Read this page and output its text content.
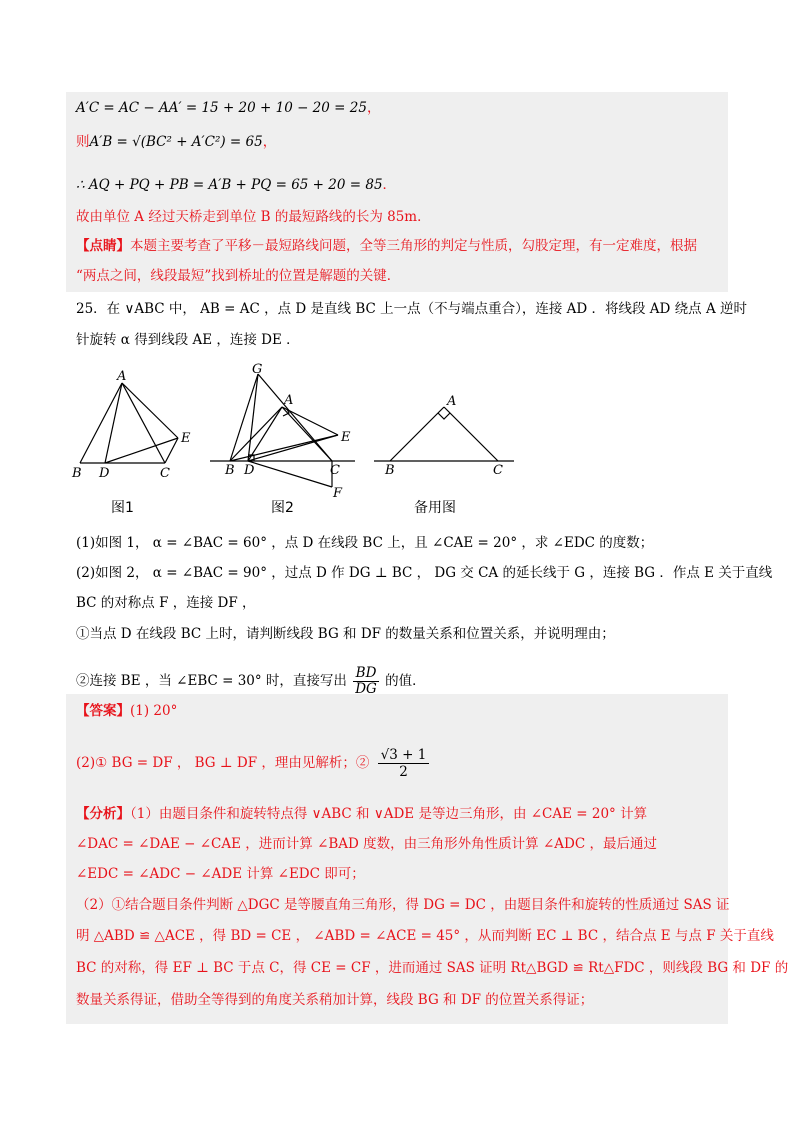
A′C = AC − AA′ = 15 + 20 + 10 − 20 = 25，
则A′B = √(BC² + A′C²) = 65，
∴ AQ + PQ + PB = A′B + PQ = 65 + 20 = 85．
故由单位 A 经过天桥走到单位 B 的最短路线的长为 85m．
【点睛】本题主要考查了平移－最短路线问题，全等三角形的判定与性质，勾股定理，有一定难度，根据
“两点之间，线段最短”找到桥址的位置是解题的关键．
25．在 ∨ABC 中， AB = AC ，点 D 是直线 BC 上一点（不与端点重合），连接 AD ．将线段 AD 绕点 A 逆时
针旋转 α 得到线段 AE ，连接 DE ．
A
B D	C
E
G
A
E
B D	C
F
A
B	C
图1	图2	备用图
(1)如图 1， α = ∠BAC = 60° ，点 D 在线段 BC 上，且 ∠CAE = 20° ，求 ∠EDC 的度数；
(2)如图 2， α = ∠BAC = 90° ，过点 D 作 DG ⊥ BC ， DG 交 CA 的延长线于 G ，连接 BG ．作点 E 关于直线
BC 的对称点 F ，连接 DF ，
①当点 D 在线段 BC 上时，请判断线段 BG 和 DF 的数量关系和位置关系，并说明理由；
②连接 BE ，当 ∠EBC = 30° 时，直接写出 $\frac{BD}{DG}$ 的值．
【答案】(1) 20°
(2)① BG = DF ， BG ⊥ DF ，理由见解析；② $\frac{√3 + 1}{2}$
【分析】（1）由题目条件和旋转特点得 ∨ABC 和 ∨ADE 是等边三角形，由 ∠CAE = 20° 计算
∠DAC = ∠DAE − ∠CAE ，进而计算 ∠BAD 度数，由三角形外角性质计算 ∠ADC ，最后通过
∠EDC = ∠ADC − ∠ADE 计算 ∠EDC 即可；
（2）①结合题目条件判断 △DGC 是等腰直角三角形，得 DG = DC ，由题目条件和旋转的性质通过 SAS 证
明 △ABD ≌ △ACE ，得 BD = CE ， ∠ABD = ∠ACE = 45° ，从而判断 EC ⊥ BC ，结合点 E 与点 F 关于直线
BC 的对称，得 EF ⊥ BC 于点 C，得 CE = CF ，进而通过 SAS 证明 Rt△BGD ≌ Rt△FDC ，则线段 BG 和 DF 的
数量关系得证，借助全等得到的角度关系稍加计算，线段 BG 和 DF 的位置关系得证；
